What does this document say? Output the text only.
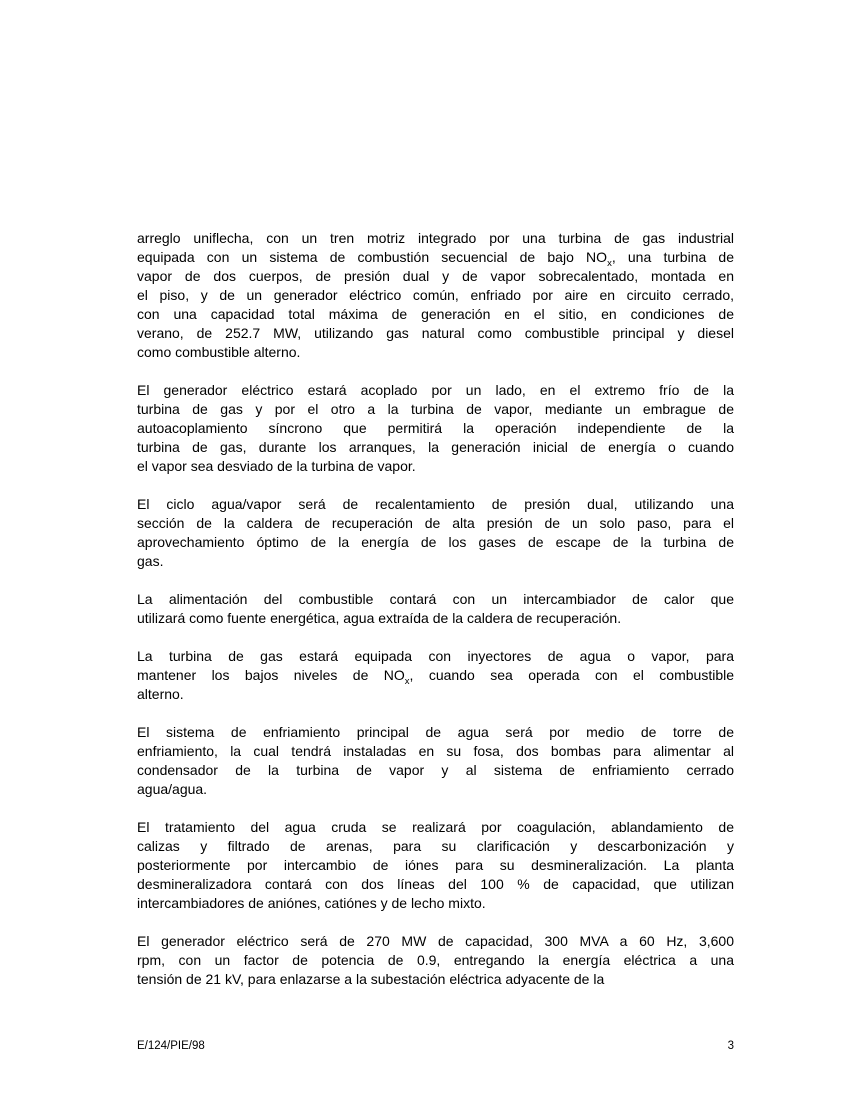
arreglo uniflecha, con un tren motriz integrado por una turbina de gas industrial
equipada con un sistema de combustión secuencial de bajo $NO_x$, una turbina de
vapor de dos cuerpos, de presión dual y de vapor sobrecalentado, montada en
el piso, y de un generador eléctrico común, enfriado por aire en circuito cerrado,
con una capacidad total máxima de generación en el sitio, en condiciones de
verano, de 252.7 MW, utilizando gas natural como combustible principal y diesel
como combustible alterno.
El generador eléctrico estará acoplado por un lado, en el extremo frío de la
turbina de gas y por el otro a la turbina de vapor, mediante un embrague de
autoacoplamiento síncrono que permitirá la operación independiente de la
turbina de gas, durante los arranques, la generación inicial de energía o cuando
el vapor sea desviado de la turbina de vapor.
El ciclo agua/vapor será de recalentamiento de presión dual, utilizando una
sección de la caldera de recuperación de alta presión de un solo paso, para el
aprovechamiento óptimo de la energía de los gases de escape de la turbina de
gas.
La alimentación del combustible contará con un intercambiador de calor que
utilizará como fuente energética, agua extraída de la caldera de recuperación.
La turbina de gas estará equipada con inyectores de agua o vapor, para
mantener los bajos niveles de $NO_x$, cuando sea operada con el combustible
alterno.
El sistema de enfriamiento principal de agua será por medio de torre de
enfriamiento, la cual tendrá instaladas en su fosa, dos bombas para alimentar al
condensador de la turbina de vapor y al sistema de enfriamiento cerrado
agua/agua.
El tratamiento del agua cruda se realizará por coagulación, ablandamiento de
calizas y filtrado de arenas, para su clarificación y descarbonización y
posteriormente por intercambio de iónes para su desmineralización. La planta
desmineralizadora contará con dos líneas del 100 % de capacidad, que utilizan
intercambiadores de aniónes, catiónes y de lecho mixto.
El generador eléctrico será de 270 MW de capacidad, 300 MVA a 60 Hz, 3,600
rpm, con un factor de potencia de 0.9, entregando la energía eléctrica a una
tensión de 21 kV, para enlazarse a la subestación eléctrica adyacente de la
E/124/PIE/98	3
